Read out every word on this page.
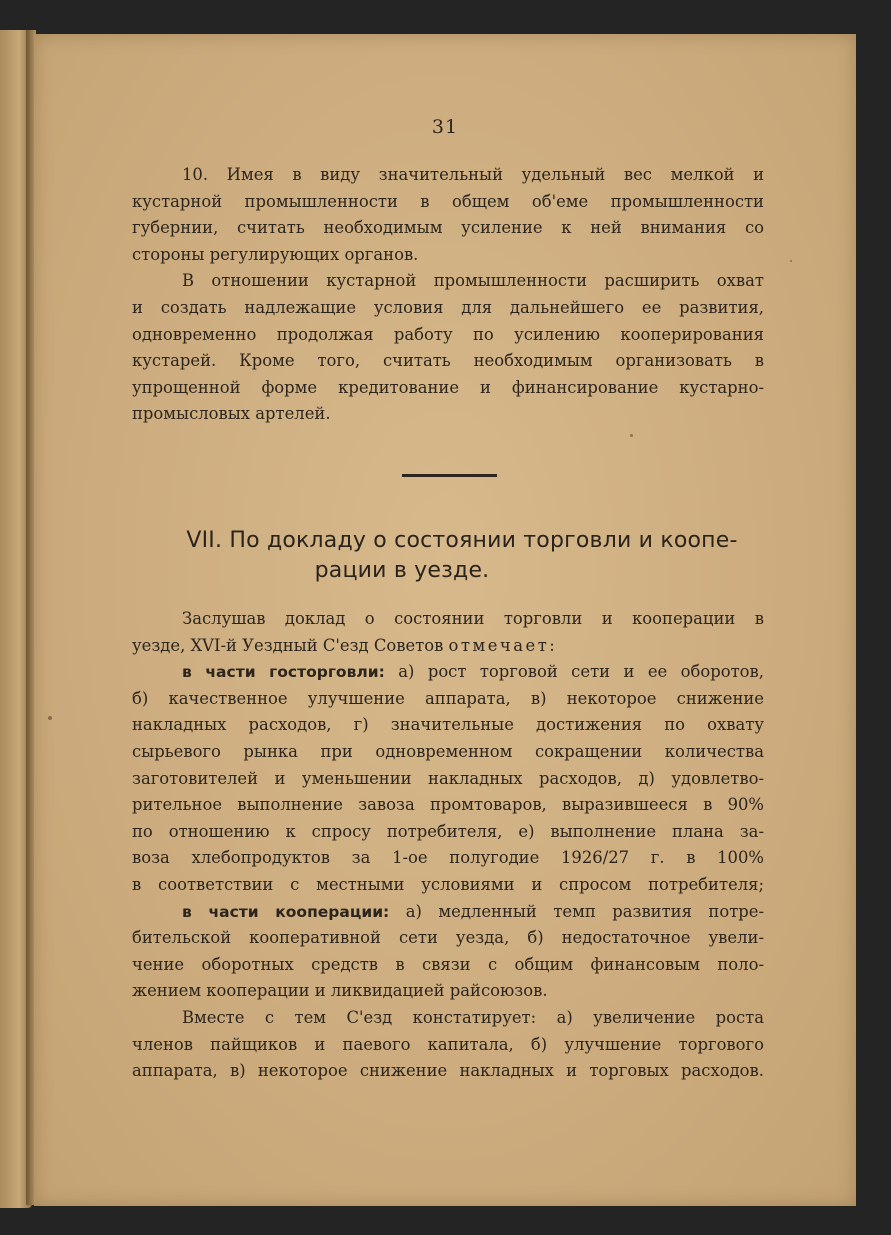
31
10. Имея в виду значительный удельный вес мелкой и
кустарной промышленности в общем об'еме промышленности
губернии, считать необходимым усиление к ней внимания со
стороны регулирующих органов.
В отношении кустарной промышленности расширить охват
и создать надлежащие условия для дальнейшего ее развития,
одновременно продолжая работу по усилению кооперирования
кустарей. Кроме того, считать необходимым организовать в
упрощенной форме кредитование и финансирование кустарно-
промысловых артелей.
VII. По докладу о состоянии торговли и коопе-
рации в уезде.
Заслушав доклад о состоянии торговли и кооперации в
уезде, XVI-й Уездный С'езд Советов отмечает:
в части госторговли: а) рост торговой сети и ее оборотов,
б) качественное улучшение аппарата, в) некоторое снижение
накладных расходов, г) значительные достижения по охвату
сырьевого рынка при одновременном сокращении количества
заготовителей и уменьшении накладных расходов, д) удовлетво-
рительное выполнение завоза промтоваров, выразившееся в 90%
по отношению к спросу потребителя, е) выполнение плана за-
воза хлебопродуктов за 1-ое полугодие 1926/27 г. в 100%
в соответствии с местными условиями и спросом потребителя;
в части кооперации: а) медленный темп развития потре-
бительской кооперативной сети уезда, б) недостаточное увели-
чение оборотных средств в связи с общим финансовым поло-
жением кооперации и ликвидацией райсоюзов.
Вместе с тем С'езд констатирует: а) увеличение роста
членов пайщиков и паевого капитала, б) улучшение торгового
аппарата, в) некоторое снижение накладных и торговых расходов.
